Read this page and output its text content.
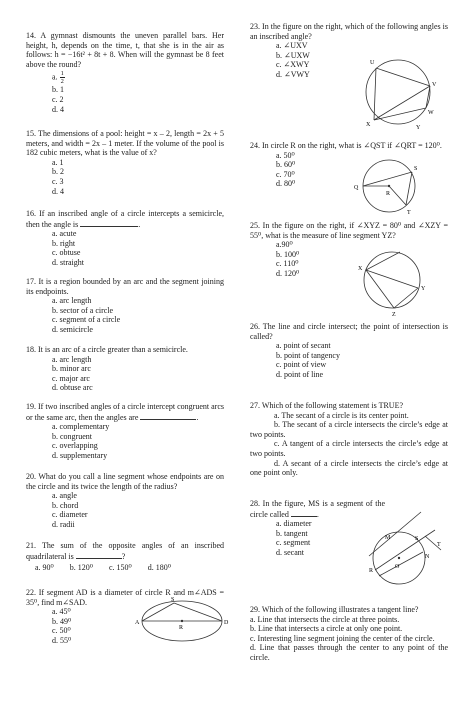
14. A gymnast dismounts the uneven parallel bars. Her height, h, depends on the time, t, that she is in the air as follows: h = −16t² + 8t + 8. When will the gymnast be 8 feet above the round?

a. $\frac{1}{2}$
b. 1
c. 2
d. 4

15. The dimensions of a pool: height = x – 2, length = 2x + 5 meters, and width = 2x – 1 meter. If the volume of the pool is 182 cubic meters, what is the value of x?

a. 1
b. 2
c. 3
d. 4

16. If an inscribed angle of a circle intercepts a semicircle, then the angle is	.

a. acute
b. right
c. obtuse
d. straight

17. It is a region bounded by an arc and the segment joining its endpoints.

a. arc length
b. sector of a circle
c. segment of a circle
d. semicircle

18. It is an arc of a circle greater than a semicircle.

a. arc length
b. minor arc
c. major arc
d. obtuse arc

19. If two inscribed angles of a circle intercept congruent arcs or the same arc, then the angles are	.

a. complementary
b. congruent
c. overlapping
d. supplementary

20. What do you call a line segment whose endpoints are on the circle and its twice the length of the radius?

a. angle
b. chord
c. diameter
d. radii

21. The sum of the opposite angles of an inscribed quadrilateral is	?

a. 90⁰ b. 120⁰ c. 150⁰ d. 180⁰

22. If segment AD is a diameter of circle R and m∠ADS = 35⁰, find m∠SAD.

a. 45⁰
b. 49⁰
c. 50⁰
d. 55⁰
A
R
D
S

23. In the figure on the right, which of the following angles is an inscribed angle?

a. ∠UXV
b. ∠UXW
c. ∠XWY
d. ∠VWY
U
V
W
X	Y

24. In circle R on the right, what is ∠QST if ∠QRT = 120⁰.

a. 50⁰
b. 60⁰
c. 70⁰
d. 80⁰	Q
R
S
T

25. In the figure on the right, if ∠XYZ = 80⁰ and ∠XZY = 55⁰, what is the measure of line segment YZ?

a.90⁰
b. 100⁰
c. 110⁰
d. 120⁰	X
Y
Z

26. The line and circle intersect; the point of intersection is called?

a. point of secant
b. point of tangency
c. point of view
d. point of line

27. Which of the following statement is TRUE?

a. The secant of a circle is its center point.

b. The secant of a circle intersects the circle’s edge at two points.

c. A tangent of a circle intersects the circle’s edge at two points.

d. A secant of a circle intersects the circle’s edge at one point only.

28. In the figure, MS is a segment of the circle called	.

a. diameter
b. tangent
c. segment
d. secant
O
M	S
T
R
N

29. Which of the following illustrates a tangent line?

a. Line that intersects the circle at three points.

b. Line that intersects a circle at only one point.

c. Interesting line segment joining the center of the circle.

d. Line that passes through the center to any point of the circle.
